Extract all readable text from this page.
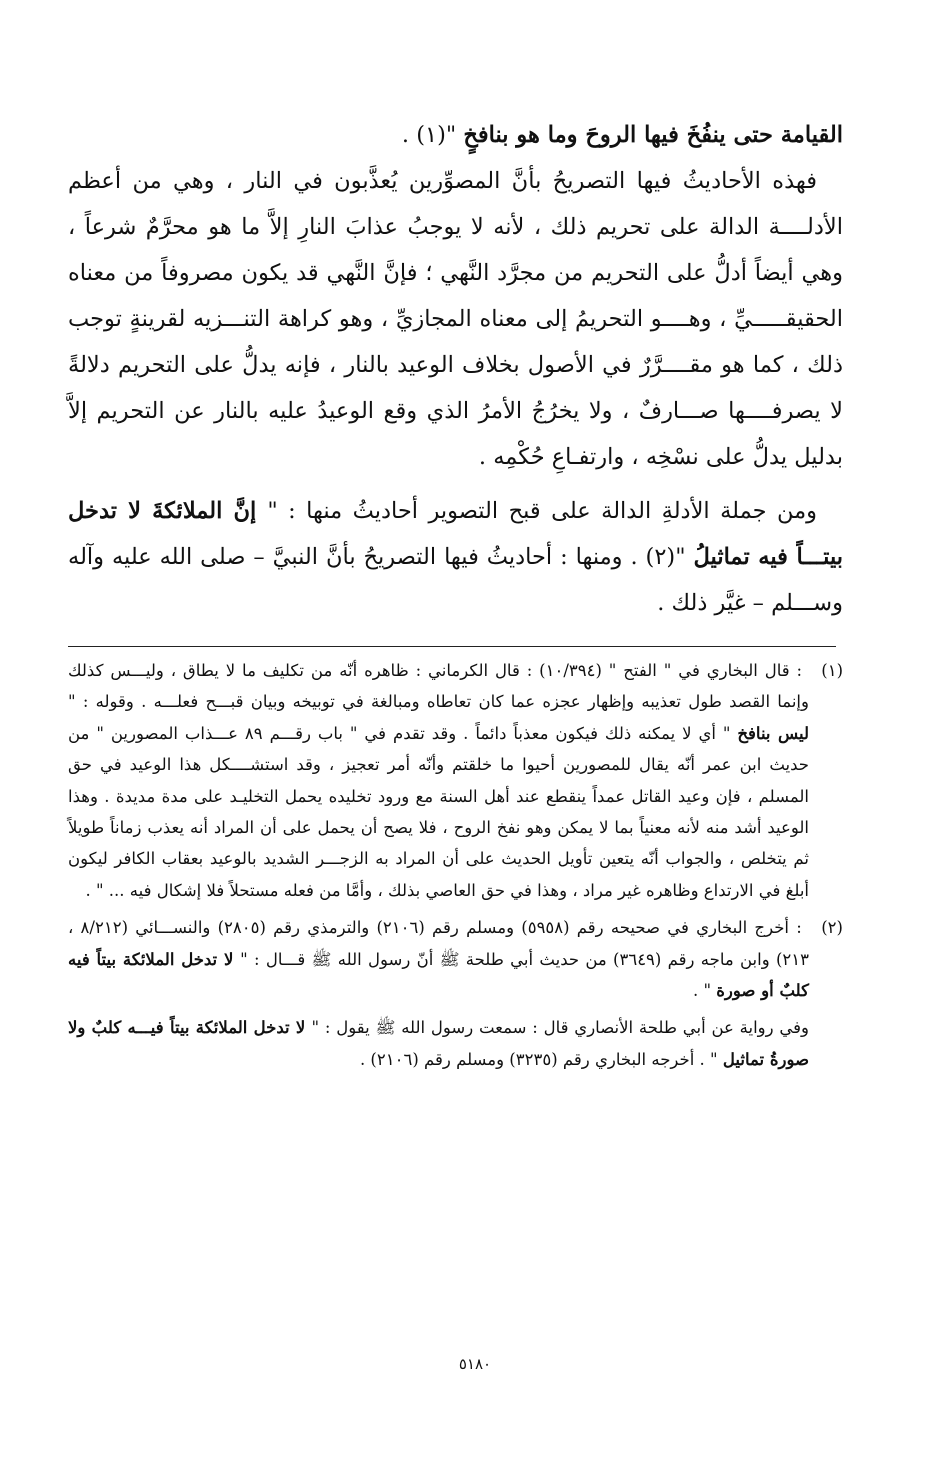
القيامة حتى ينفُخَ فيها الروحَ وما هو بنافخٍ "(١) .

فهذه الأحاديثُ فيها التصريحُ بأنَّ المصوِّرين يُعذَّبون في النار ، وهي من أعظم الأدلــــة الدالة على تحريم ذلك ، لأنه لا يوجبُ عذابَ النارِ إلاَّ ما هو محرَّمٌ شرعاً ، وهي أيضاً أدلُّ على التحريم من مجرَّد النَّهي ؛ فإنَّ النَّهي قد يكون مصروفاً من معناه الحقيقـــــيِّ ، وهــــو التحريمُ إلى معناه المجازيِّ ، وهو كراهة التنـــزيه لقرينةٍ توجب ذلك ، كما هو مقــــرَّرٌ في الأصول بخلاف الوعيد بالنار ، فإنه يدلُّ على التحريم دلالةً لا يصرفــــها صـــارفٌ ، ولا يخرُجُ الأمرُ الذي وقع الوعيدُ عليه بالنار عن التحريم إلاَّ بدليل يدلُّ على نسْخِه ، وارتفـاعِ حُكْمِه .

ومن جملة الأدلةِ الدالة على قبح التصوير أحاديثُ منها : " إنَّ الملائكةَ لا تدخل بيتـــاً فيه تماثيلُ "(٢) . ومنها : أحاديثُ فيها التصريحُ بأنَّ النبيَّ – صلى الله عليه وآله وســـلم – غيَّر ذلك .

(١) : قال البخاري في " الفتح " (١٠/٣٩٤) : قال الكرماني : ظاهره أنّه من تكليف ما لا يطاق ، وليـــس كذلك وإنما القصد طول تعذيبه وإظهار عجزه عما كان تعاطاه ومبالغة في توبيخه وبيان قبـــح فعلـــه . وقوله : " ليس بنافخ " أي لا يمكنه ذلك فيكون معذباً دائماً . وقد تقدم في " باب رقـــم ٨٩ عـــذاب المصورين " من حديث ابن عمر أنّه يقال للمصورين أحيوا ما خلقتم وأنّه أمر تعجيز ، وقد استشــــكل هذا الوعيد في حق المسلم ، فإن وعيد القاتل عمداً ينقطع عند أهل السنة مع ورود تخليده يحمل التخليـد على مدة مديدة . وهذا الوعيد أشد منه لأنه معنياً بما لا يمكن وهو نفخ الروح ، فلا يصح أن يحمل على أن المراد أنه يعذب زماناً طويلاً ثم يتخلص ، والجواب أنّه يتعين تأويل الحديث على أن المراد به الزجـــر الشديد بالوعيد بعقاب الكافر ليكون أبلغ في الارتداع وظاهره غير مراد ، وهذا في حق العاصي بذلك ، وأمَّا من فعله مستحلاً فلا إشكال فيه ... " .

(٢) : أخرج البخاري في صحيحه رقم (٥٩٥٨) ومسلم رقم (٢١٠٦) والترمذي رقم (٢٨٠٥) والنســـائي (٨/٢١٢ ، ٢١٣) وابن ماجه رقم (٣٦٤٩) من حديث أبي طلحة ﷺ أنّ رسول الله ﷺ قـــال : " لا تدخل الملائكة بيتاً فيه كلبٌ أو صورة " .

وفي رواية عن أبي طلحة الأنصاري قال : سمعت رسول الله ﷺ يقول : " لا تدخل الملائكة بيتاً فيـــه كلبٌ ولا صورةُ تماثيل " . أخرجه البخاري رقم (٣٢٣٥) ومسلم رقم (٢١٠٦) .

٥١٨٠
